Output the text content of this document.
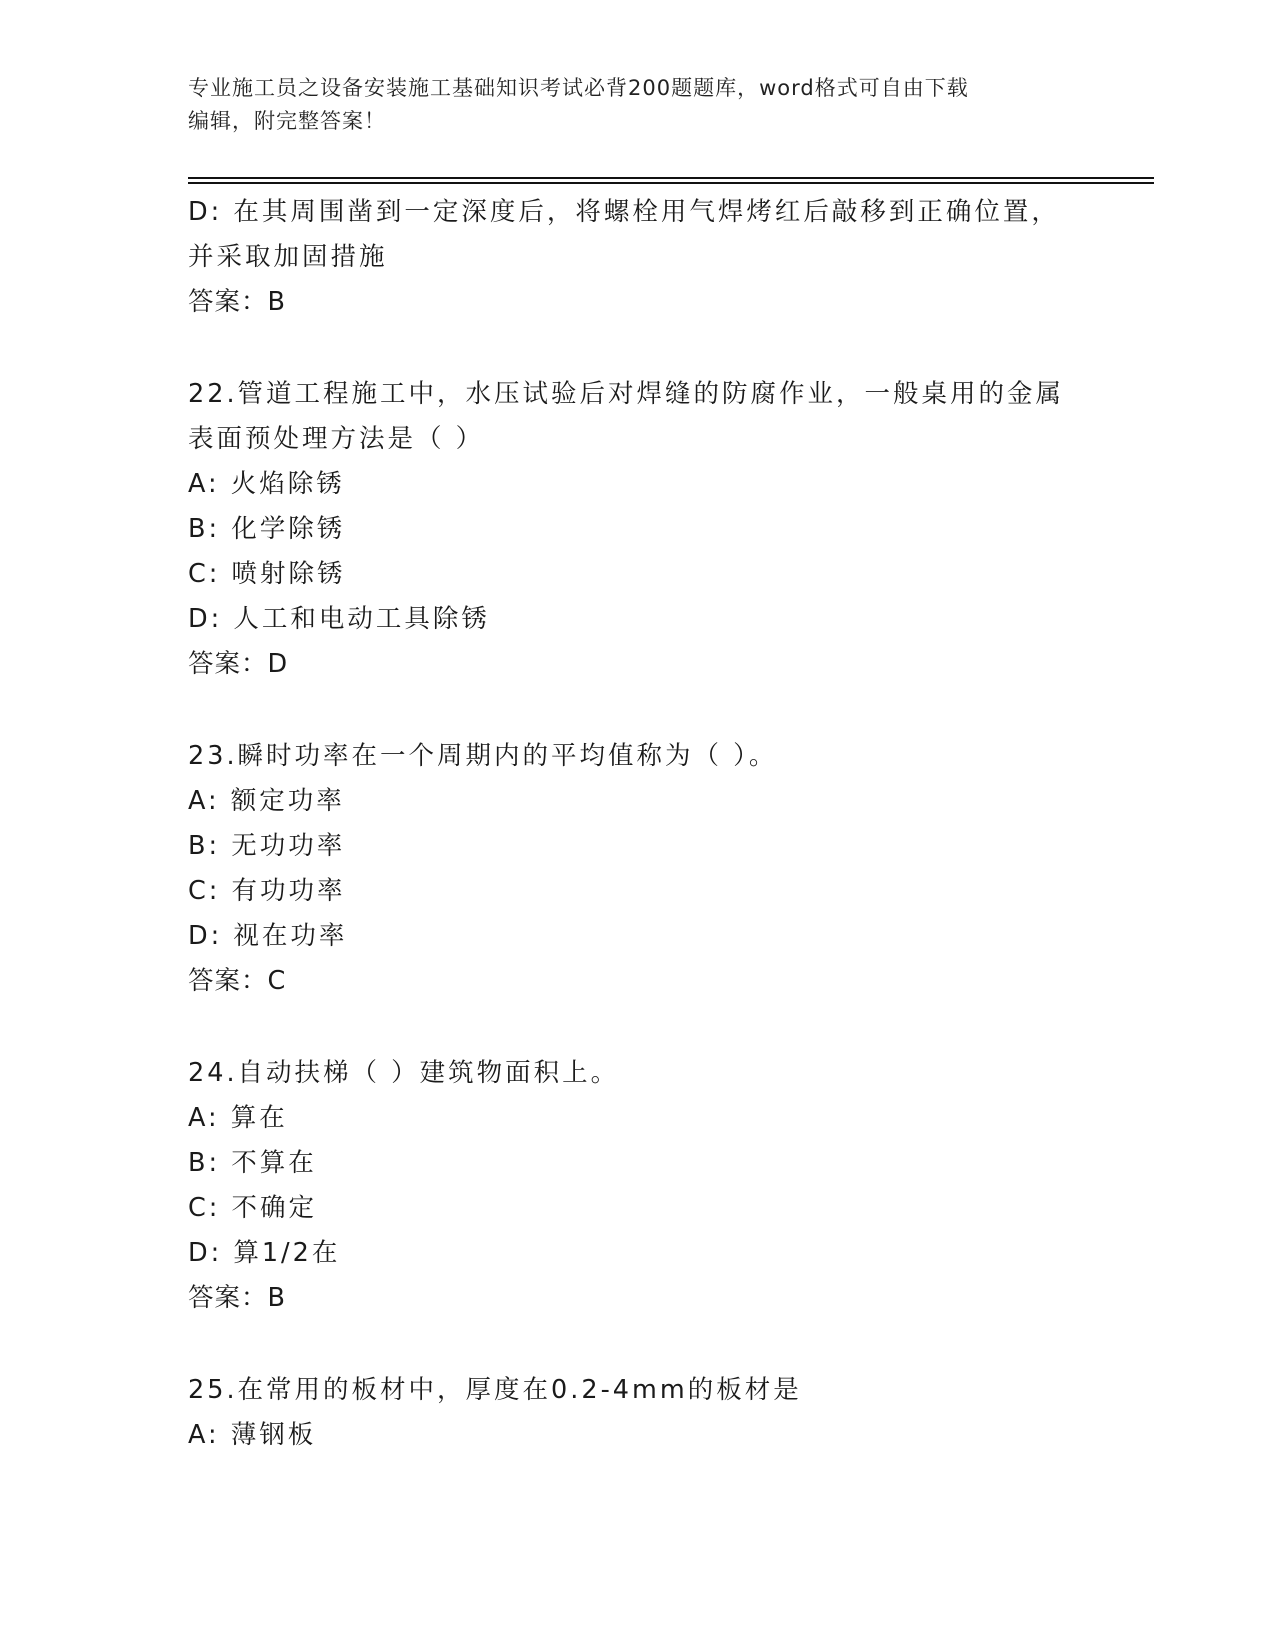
专业施工员之设备安装施工基础知识考试必背200题题库，word格式可自由下载
编辑，附完整答案！
D: 在其周围凿到一定深度后，将螺栓用气焊烤红后敲移到正确位置，
并采取加固措施
答案：B
22.管道工程施工中，水压试验后对焊缝的防腐作业，一般桌用的金属
表面预处理方法是（ ）
A: 火焰除锈
B: 化学除锈
C: 喷射除锈
D: 人工和电动工具除锈
答案：D
23.瞬时功率在一个周期内的平均值称为（ ）。
A: 额定功率
B: 无功功率
C: 有功功率
D: 视在功率
答案：C
24.自动扶梯（ ）建筑物面积上。
A: 算在
B: 不算在
C: 不确定
D: 算1/2在
答案：B
25.在常用的板材中，厚度在0.2-4mm的板材是
A: 薄钢板
